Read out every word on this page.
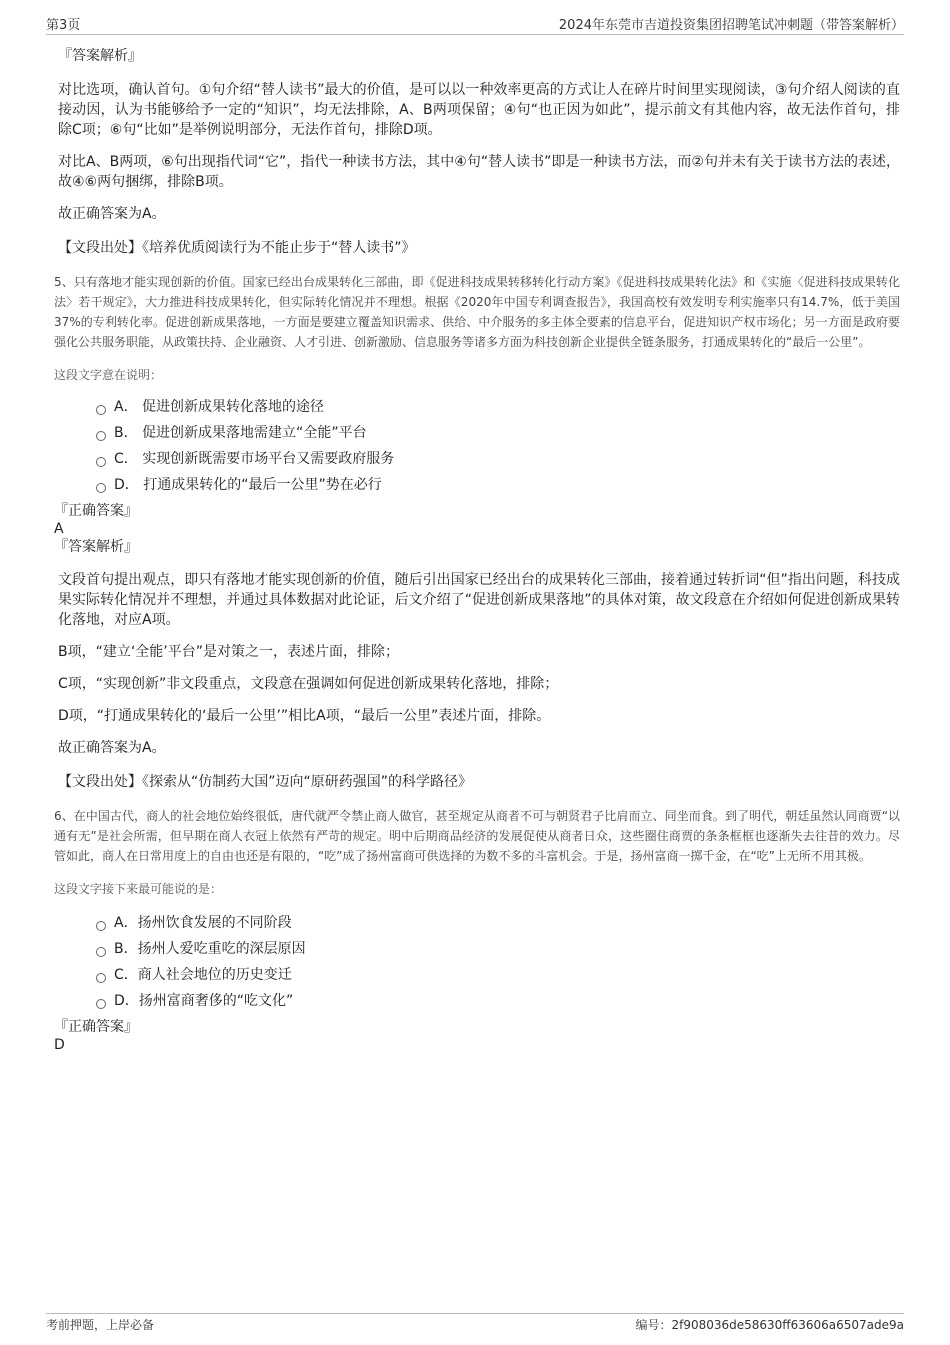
第3页	2024年东莞市吉道投资集团招聘笔试冲刺题（带答案解析）
『答案解析』

对比选项，确认首句。①句介绍“替人读书”最大的价值，是可以以一种效率更高的方式让人在碎片时间里实现阅读，③句介绍人阅读的直接动因，认为书能够给予一定的“知识”，均无法排除，A、B两项保留；④句“也正因为如此”，提示前文有其他内容，故无法作首句，排除C项；⑥句“比如”是举例说明部分，无法作首句，排除D项。

对比A、B两项，⑥句出现指代词“它”，指代一种读书方法，其中④句“替人读书”即是一种读书方法，而②句并未有关于读书方法的表述，故④⑥两句捆绑，排除B项。

故正确答案为A。

【文段出处】《培养优质阅读行为不能止步于“替人读书”》

5、只有落地才能实现创新的价值。国家已经出台成果转化三部曲，即《促进科技成果转移转化行动方案》《促进科技成果转化法》和《实施〈促进科技成果转化法〉若干规定》，大力推进科技成果转化，但实际转化情况并不理想。根据《2020年中国专利调查报告》，我国高校有效发明专利实施率只有14.7%，低于美国37%的专利转化率。促进创新成果落地，一方面是要建立覆盖知识需求、供给、中介服务的多主体全要素的信息平台，促进知识产权市场化；另一方面是政府要强化公共服务职能，从政策扶持、企业融资、人才引进、创新激励、信息服务等诸多方面为科技创新企业提供全链条服务，打通成果转化的“最后一公里”。

这段文字意在说明：

A． 促进创新成果转化落地的途径
B． 促进创新成果落地需建立“全能”平台
C． 实现创新既需要市场平台又需要政府服务
D． 打通成果转化的“最后一公里”势在必行
『正确答案』
A
『答案解析』

文段首句提出观点，即只有落地才能实现创新的价值，随后引出国家已经出台的成果转化三部曲，接着通过转折词“但”指出问题，科技成果实际转化情况并不理想，并通过具体数据对此论证，后文介绍了“促进创新成果落地”的具体对策，故文段意在介绍如何促进创新成果转化落地，对应A项。

B项，“建立‘全能’平台”是对策之一，表述片面，排除；

C项，“实现创新”非文段重点，文段意在强调如何促进创新成果转化落地，排除；

D项，“打通成果转化的‘最后一公里’”相比A项，“最后一公里”表述片面，排除。

故正确答案为A。

【文段出处】《探索从“仿制药大国”迈向“原研药强国”的科学路径》

6、在中国古代，商人的社会地位始终很低，唐代就严令禁止商人做官，甚至规定从商者不可与朝贤君子比肩而立、同坐而食。到了明代，朝廷虽然认同商贾“以通有无”是社会所需，但早期在商人衣冠上依然有严苛的规定。明中后期商品经济的发展促使从商者日众，这些圈住商贾的条条框框也逐渐失去往昔的效力。尽管如此，商人在日常用度上的自由也还是有限的，“吃”成了扬州富商可供选择的为数不多的斗富机会。于是，扬州富商一掷千金，在“吃”上无所不用其极。

这段文字接下来最可能说的是：

A．扬州饮食发展的不同阶段
B．扬州人爱吃重吃的深层原因
C．商人社会地位的历史变迁
D．扬州富商奢侈的“吃文化”
『正确答案』
D
考前押题，上岸必备	编号：2f908036de58630ff63606a6507ade9a
